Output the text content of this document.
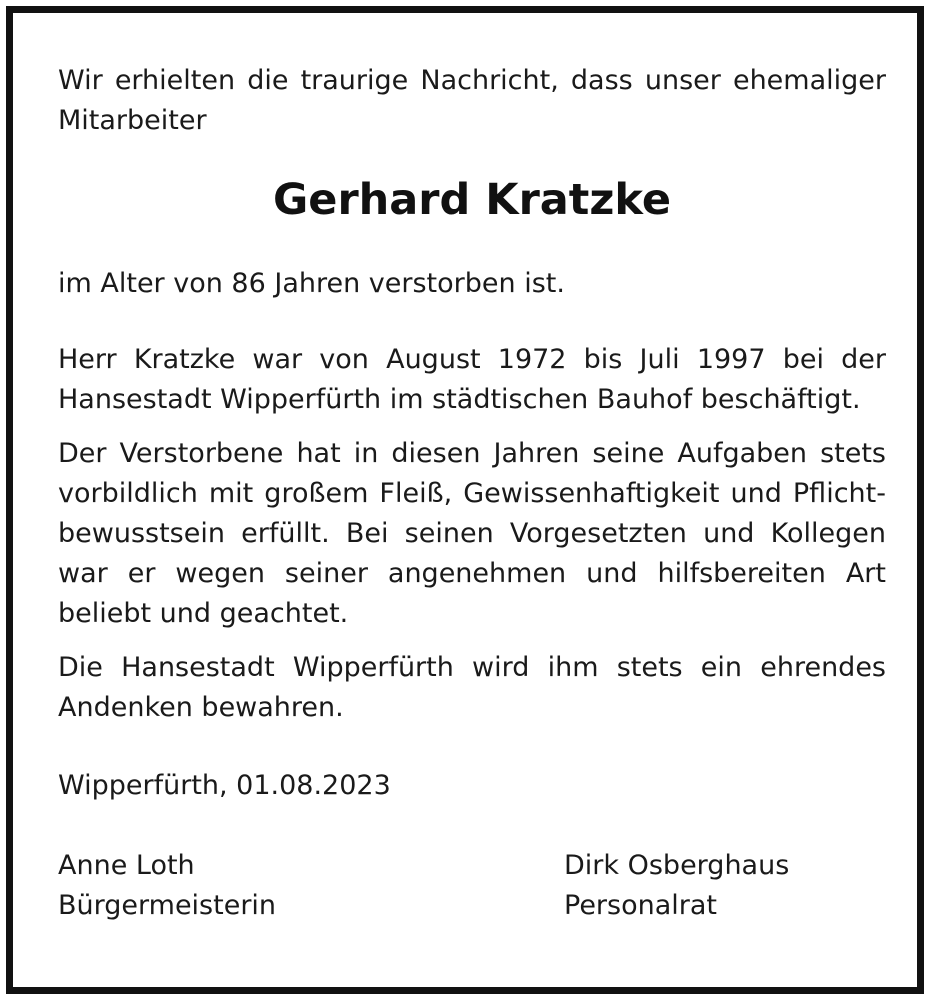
Wir erhielten die traurige Nachricht, dass unser ehemaliger Mitarbeiter

Gerhard Kratzke

im Alter von 86 Jahren verstorben ist.

Herr Kratzke war von August 1972 bis Juli 1997 bei der Hansestadt Wipperfürth im städtischen Bauhof beschäftigt.

Der Verstorbene hat in diesen Jahren seine Aufgaben stets vorbildlich mit großem Fleiß, Gewissenhaftigkeit und Pflichtbewusstsein erfüllt. Bei seinen Vorgesetzten und Kollegen war er wegen seiner angenehmen und hilfsbereiten Art beliebt und geachtet.

Die Hansestadt Wipperfürth wird ihm stets ein ehrendes Andenken bewahren.

Wipperfürth, 01.08.2023

Anne Loth
Bürgermeisterin
Dirk Osberghaus
Personalrat
